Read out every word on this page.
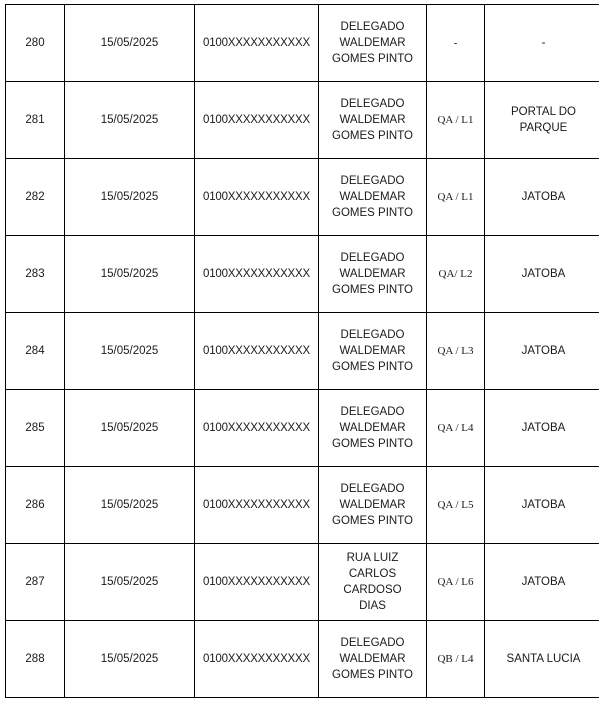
280	15/05/2025	0100XXXXXXXXXXX	DELEGADO WALDEMAR GOMES PINTO	-	-

281	15/05/2025	0100XXXXXXXXXXX	DELEGADO WALDEMAR GOMES PINTO	QA / L1	PORTAL DO PARQUE

282	15/05/2025	0100XXXXXXXXXXX	DELEGADO WALDEMAR GOMES PINTO	QA / L1	JATOBA

283	15/05/2025	0100XXXXXXXXXXX	DELEGADO WALDEMAR GOMES PINTO	QA/ L2	JATOBA

284	15/05/2025	0100XXXXXXXXXXX	DELEGADO WALDEMAR GOMES PINTO	QA / L3	JATOBA

285	15/05/2025	0100XXXXXXXXXXX	DELEGADO WALDEMAR GOMES PINTO	QA / L4	JATOBA

286	15/05/2025	0100XXXXXXXXXXX	DELEGADO WALDEMAR GOMES PINTO	QA / L5	JATOBA

287	15/05/2025	0100XXXXXXXXXXX	RUA LUIZ CARLOS CARDOSO DIAS	QA / L6	JATOBA

288	15/05/2025	0100XXXXXXXXXXX	DELEGADO WALDEMAR GOMES PINTO	QB / L4	SANTA LUCIA
